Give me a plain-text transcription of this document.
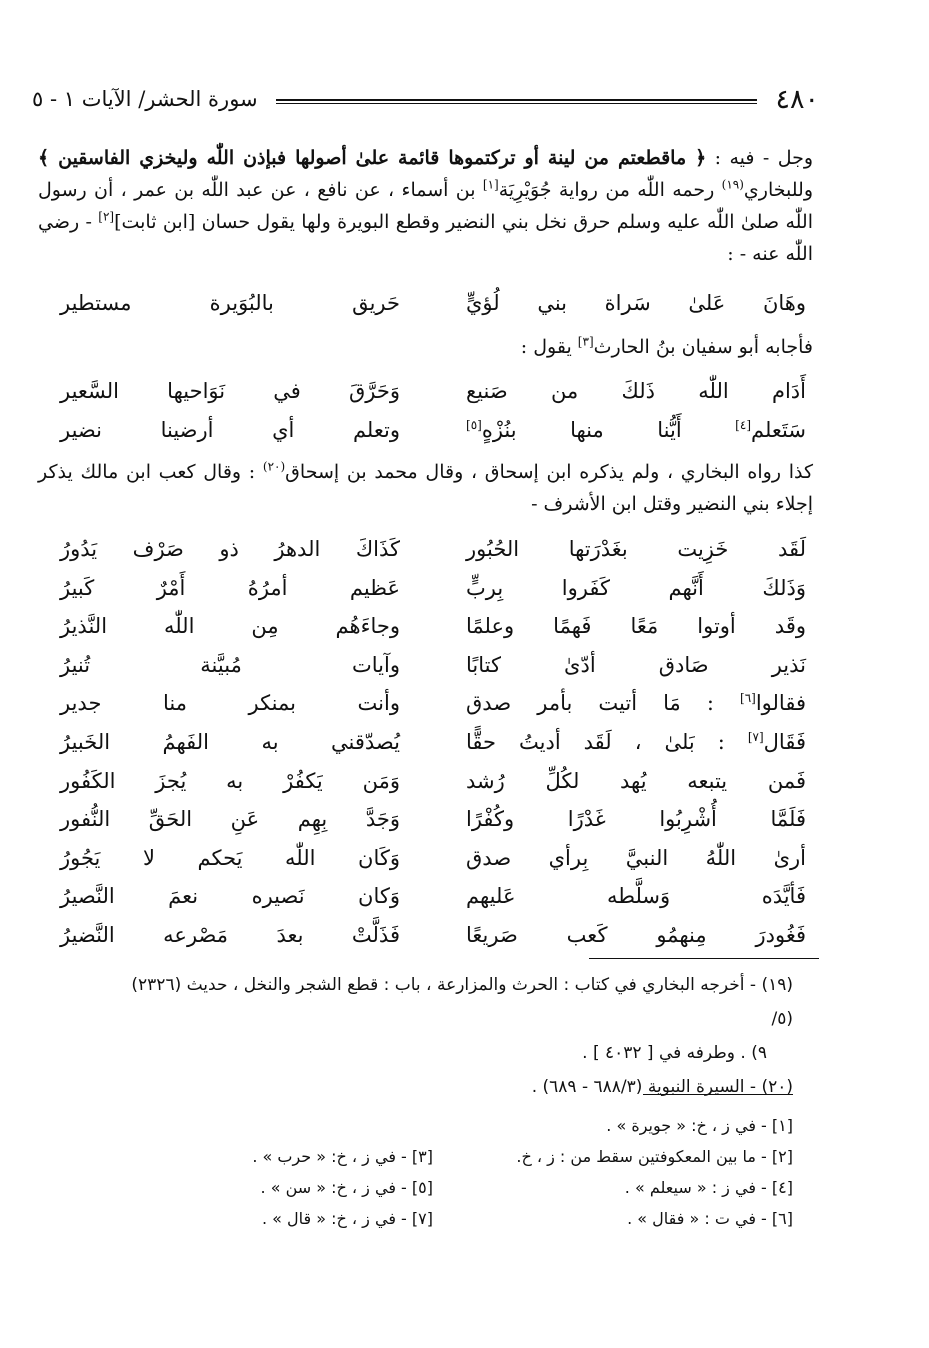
٤٨٠
سورة الحشر/ الآيات ١ - ٥
وجل - فيه : ﴿ ماقطعتم من لينة أو تركتموها قائمة علىٰ أصولها فبإذن اللّٰه وليخزي الفاسقين ﴾ وللبخاري$^{(١٩)}$ رحمه اللّٰه من رواية جُوَيْرِيَة[١] بن أسماء ، عن نافع ، عن عبد اللّٰه بن عمر ، أن رسول اللّٰه صلىٰ اللّٰه عليه وسلم حرق نخل بني النضير وقطع البويرة ولها يقول حسان [ابن ثابت][٢] - رضي اللّٰه عنه - :
وهَانَ عَلىٰ سَراة بني لُؤيٍّ
حَريق بالبُوَيرة مستطير
فأجابه أبو سفيان بنُ الحارث[٣] يقول :
أَدَام اللّٰه ذَلكَ من صَنيع
وَحَرَّقَ في نَوَاحيها السَّعير
سَتَعلم[٤] أَيُّنا منها بنُزْهٍ[٥]
وتعلم أي أرضينا نضير
كذا رواه البخاري ، ولم يذكره ابن إسحاق ، وقال محمد بن إسحاق$^{(٢٠)}$ : وقال كعب ابن مالك يذكر إجلاء بني النضير وقتل ابن الأشرف -
لَقَد خَزِيت بغَدْرَتها الحُبُور
كَذَاكَ الدهرُ ذو صَرْف يَدُورُ
وَذَلكَ أَنَّهم كَفَروا بِربٍّ
عَظيم أمرُهُ أَمْرٌ كَبيرُ
وقَد أوتوا مَعًا فَهمًا وعلمًا
وجاءَهُم مِن اللّٰه النَّذيرُ
نَذير صَادق أدّىٰ كتابًا
وآيات مُبيَّنة تُنيرُ
فقالوا[٦] : مَا أتيت بأمر صدق
وأنت بمنكر منا جدير
فَقَال[٧] : بَلىٰ ، لَقَد أديتُ حقًّا
يُصدّقني به الفَهمُ الخَبيرُ
فَمن يتبعه يُهد لكُلِّ رُشد
وَمَن يَكفُرْ به يُجزَ الكَفُور
فَلَمَّا أُشْرِبُوا غَدْرًا وكُفْرًا
وَجَدَّ بِهِم عَنِ الحَقِّ النُّفور
أرىٰ اللّٰهُ النبيَّ بِرأي صدق
وَكَان اللّٰه يَحكم لا يَجُورُ
فَأيَّدَه وَسلَّطه عَليهم
وَكان نَصيره نعمَ النَّصيرُ
فَغُودرَ مِنهمُو كَعب صَريعًا
فَذَلَّتْ بعدَ مَصْرعه النَّضيرُ
(١٩) - أخرجه البخاري في كتاب : الحرث والمزارعة ، باب : قطع الشجر والنخل ، حديث (٢٣٢٦) (٥/
٩) . وطرفه في [ ٤٠٣٢ ] .
(٢٠) - السيرة النبوية (٦٨٨/٣ - ٦٨٩) .
[١] - في ز ، خ: « جويرة » .
[٢] - ما بين المعكوفتين سقط من : ز ، خ.
[٣] - في ز ، خ: « حرب » .
[٤] - في ز : « سيعلم » .
[٥] - في ز ، خ: « سن » .
[٦] - في ت : « فقال » .
[٧] - في ز ، خ: « قال » .
